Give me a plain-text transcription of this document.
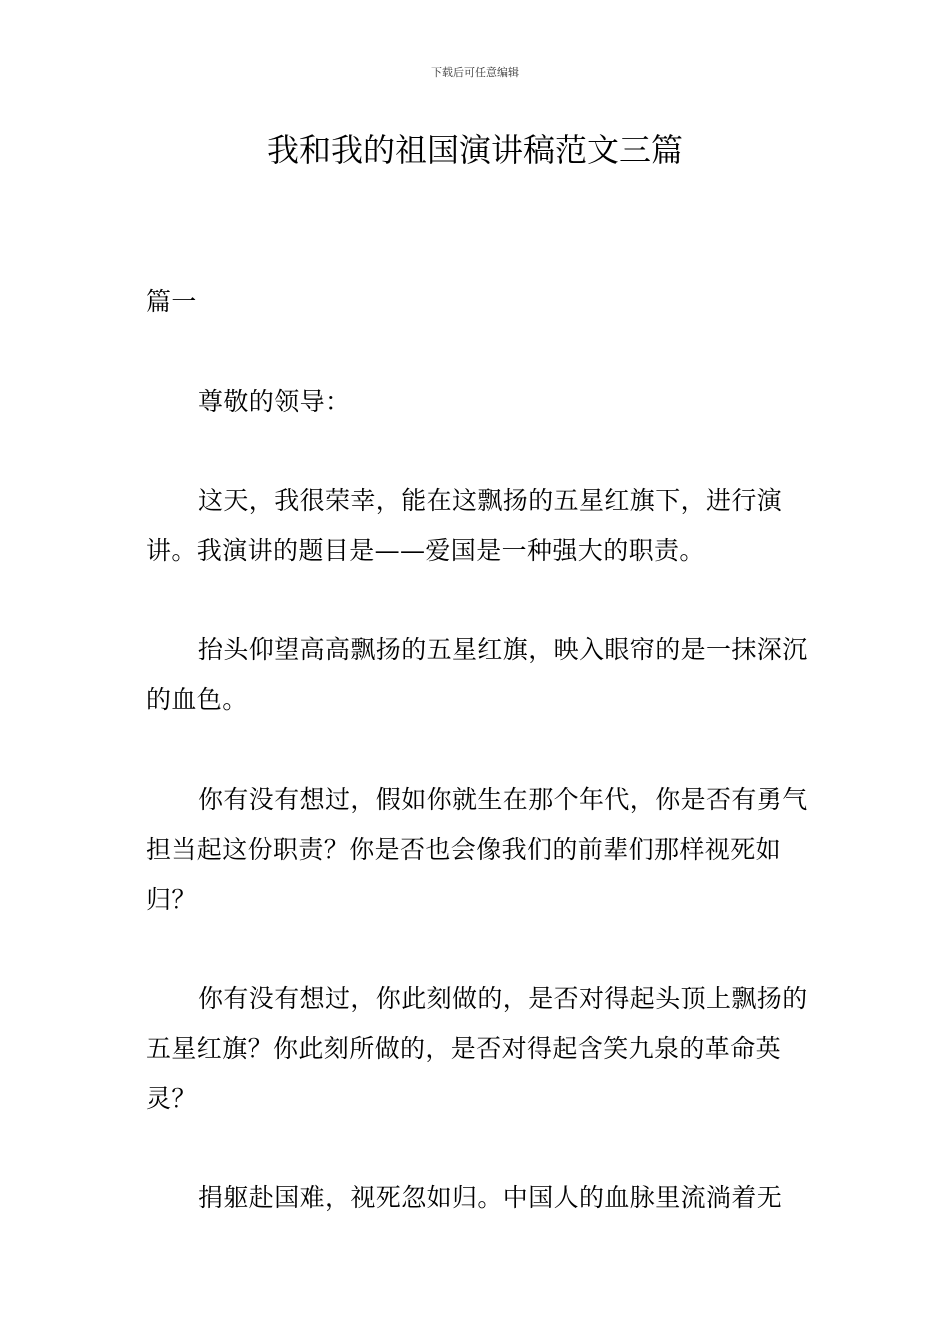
下载后可任意编辑
我和我的祖国演讲稿范文三篇
篇一
尊敬的领导：
这天，我很荣幸，能在这飘扬的五星红旗下，进行演讲。我演讲的题目是——爱国是一种强大的职责。
抬头仰望高高飘扬的五星红旗，映入眼帘的是一抹深沉的血色。
你有没有想过，假如你就生在那个年代，你是否有勇气担当起这份职责？你是否也会像我们的前辈们那样视死如归？
你有没有想过，你此刻做的，是否对得起头顶上飘扬的五星红旗？你此刻所做的，是否对得起含笑九泉的革命英灵？
捐躯赴国难，视死忽如归。中国人的血脉里流淌着无
